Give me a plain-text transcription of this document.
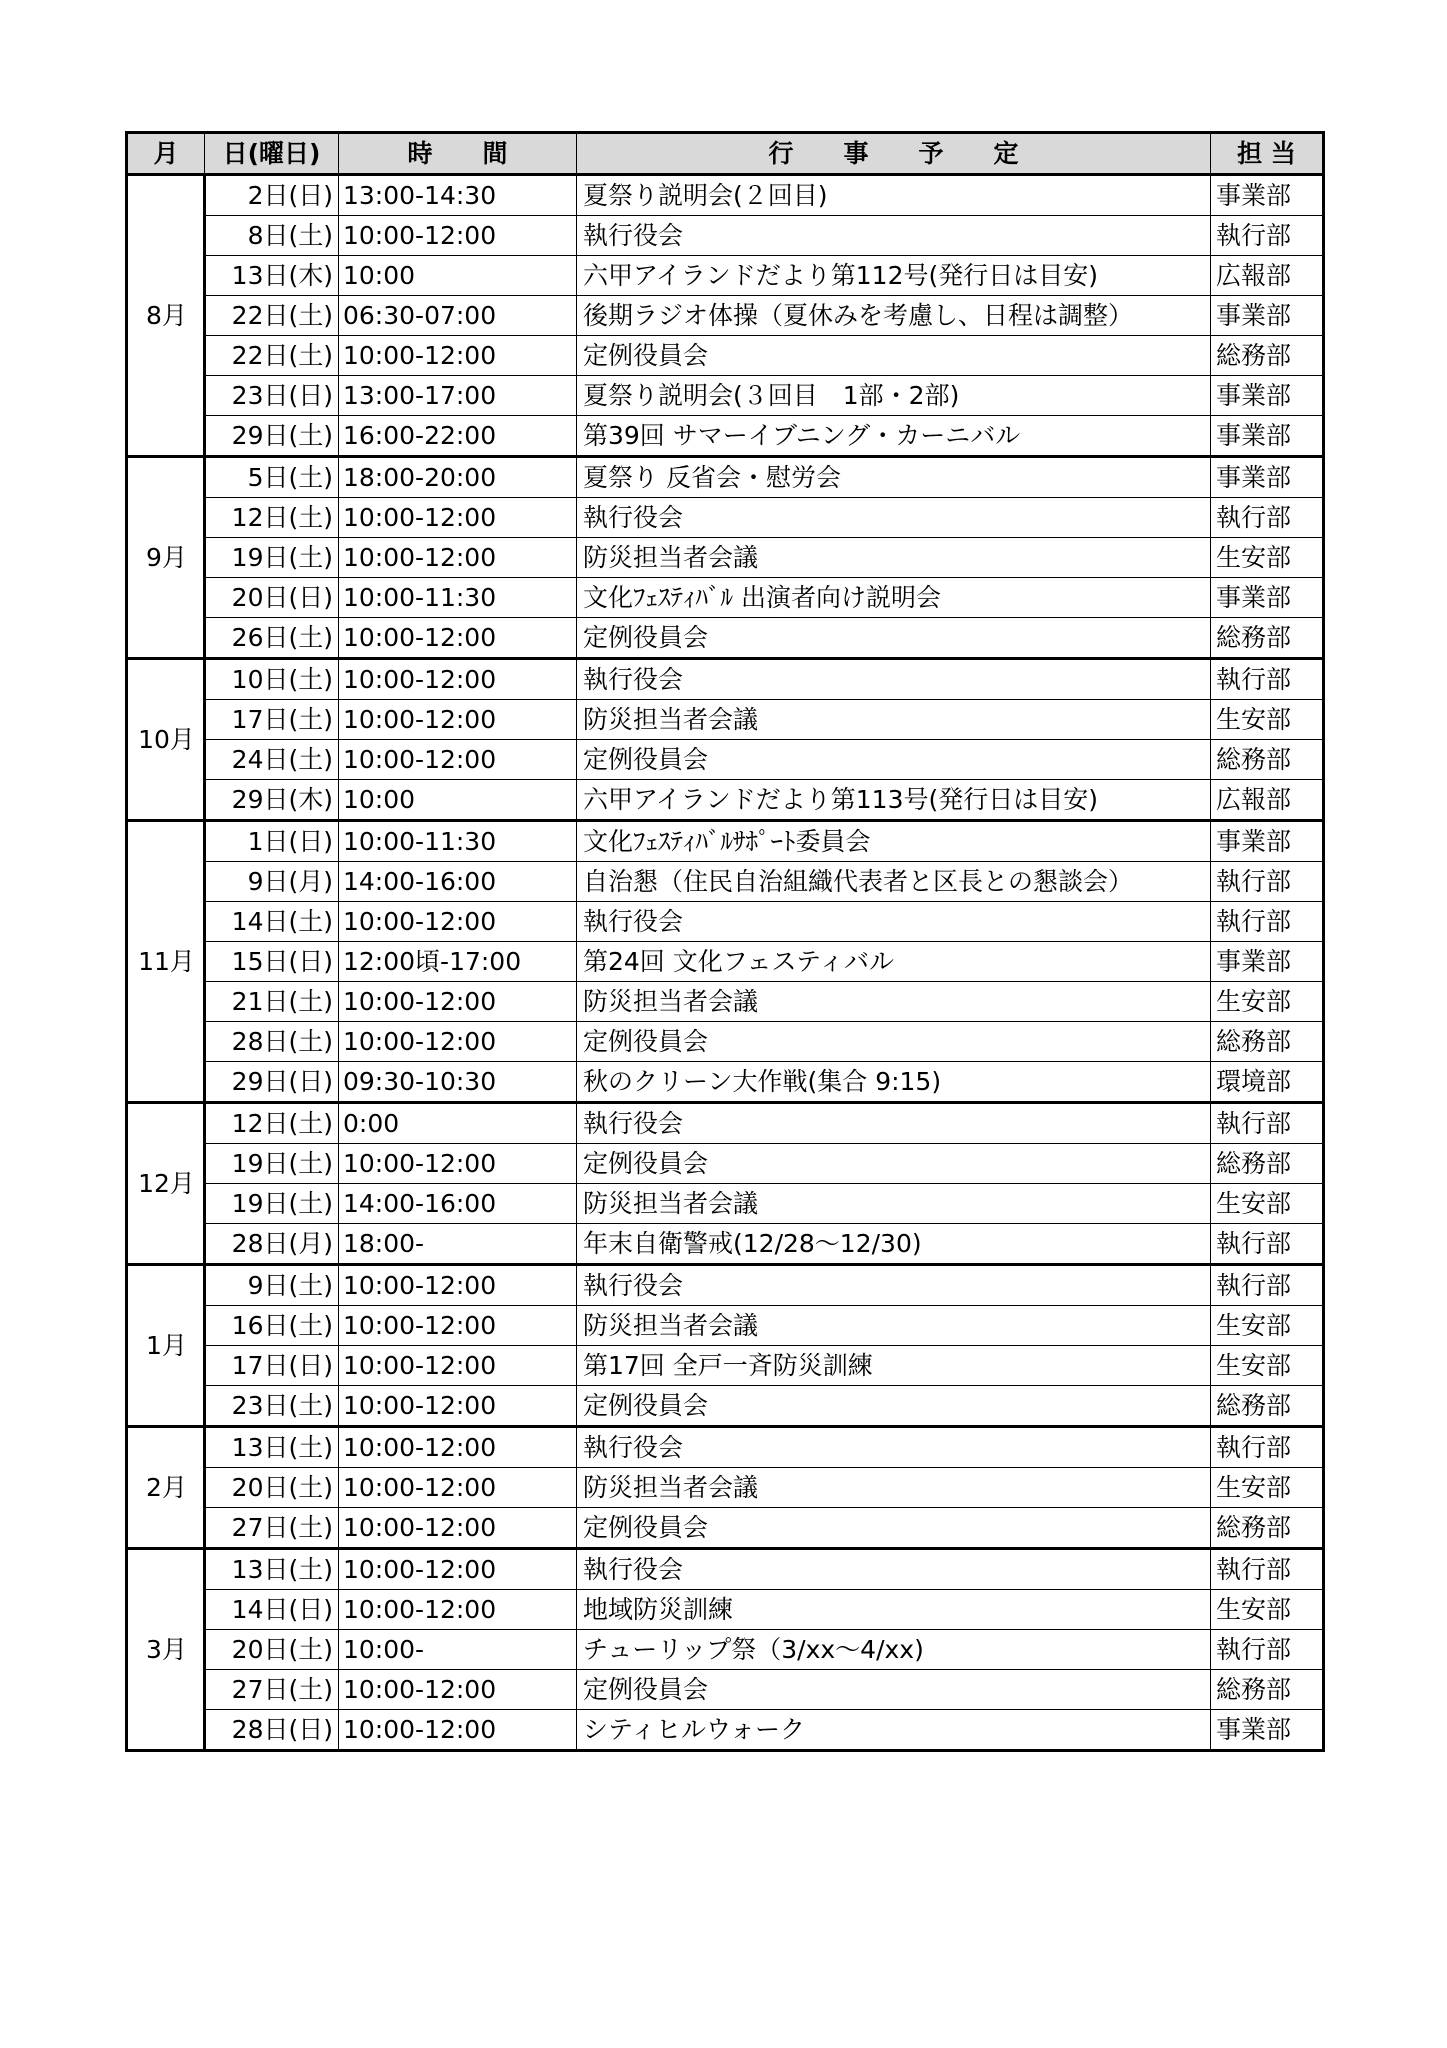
月	日(曜日)	時　　間	行　　事　　予　　定	担 当
8月	2日(日)	13:00-14:30	夏祭り説明会(２回目)	事業部
	8日(土)	10:00-12:00	執行役会	執行部
	13日(木)	10:00	六甲アイランドだより第112号(発行日は目安)	広報部
	22日(土)	06:30-07:00	後期ラジオ体操（夏休みを考慮し、日程は調整）	事業部
	22日(土)	10:00-12:00	定例役員会	総務部
	23日(日)	13:00-17:00	夏祭り説明会(３回目　1部・2部)	事業部
	29日(土)	16:00-22:00	第39回 サマーイブニング・カーニバル	事業部
9月	5日(土)	18:00-20:00	夏祭り 反省会・慰労会	事業部
	12日(土)	10:00-12:00	執行役会	執行部
	19日(土)	10:00-12:00	防災担当者会議	生安部
	20日(日)	10:00-11:30	文化ﾌｪｽﾃｨﾊﾞﾙ 出演者向け説明会	事業部
	26日(土)	10:00-12:00	定例役員会	総務部
10月	10日(土)	10:00-12:00	執行役会	執行部
	17日(土)	10:00-12:00	防災担当者会議	生安部
	24日(土)	10:00-12:00	定例役員会	総務部
	29日(木)	10:00	六甲アイランドだより第113号(発行日は目安)	広報部
11月	1日(日)	10:00-11:30	文化ﾌｪｽﾃｨﾊﾞﾙｻﾎﾟｰﾄ委員会	事業部
	9日(月)	14:00-16:00	自治懇（住民自治組織代表者と区長との懇談会）	執行部
	14日(土)	10:00-12:00	執行役会	執行部
	15日(日)	12:00頃-17:00	第24回 文化フェスティバル	事業部
	21日(土)	10:00-12:00	防災担当者会議	生安部
	28日(土)	10:00-12:00	定例役員会	総務部
	29日(日)	09:30-10:30	秋のクリーン大作戦(集合 9:15)	環境部
12月	12日(土)	0:00	執行役会	執行部
	19日(土)	10:00-12:00	定例役員会	総務部
	19日(土)	14:00-16:00	防災担当者会議	生安部
	28日(月)	18:00-	年末自衛警戒(12/28〜12/30)	執行部
1月	9日(土)	10:00-12:00	執行役会	執行部
	16日(土)	10:00-12:00	防災担当者会議	生安部
	17日(日)	10:00-12:00	第17回 全戸一斉防災訓練	生安部
	23日(土)	10:00-12:00	定例役員会	総務部
2月	13日(土)	10:00-12:00	執行役会	執行部
	20日(土)	10:00-12:00	防災担当者会議	生安部
	27日(土)	10:00-12:00	定例役員会	総務部
3月	13日(土)	10:00-12:00	執行役会	執行部
	14日(日)	10:00-12:00	地域防災訓練	生安部
	20日(土)	10:00-	チューリップ祭（3/xx〜4/xx)	執行部
	27日(土)	10:00-12:00	定例役員会	総務部
	28日(日)	10:00-12:00	シティヒルウォーク	事業部
